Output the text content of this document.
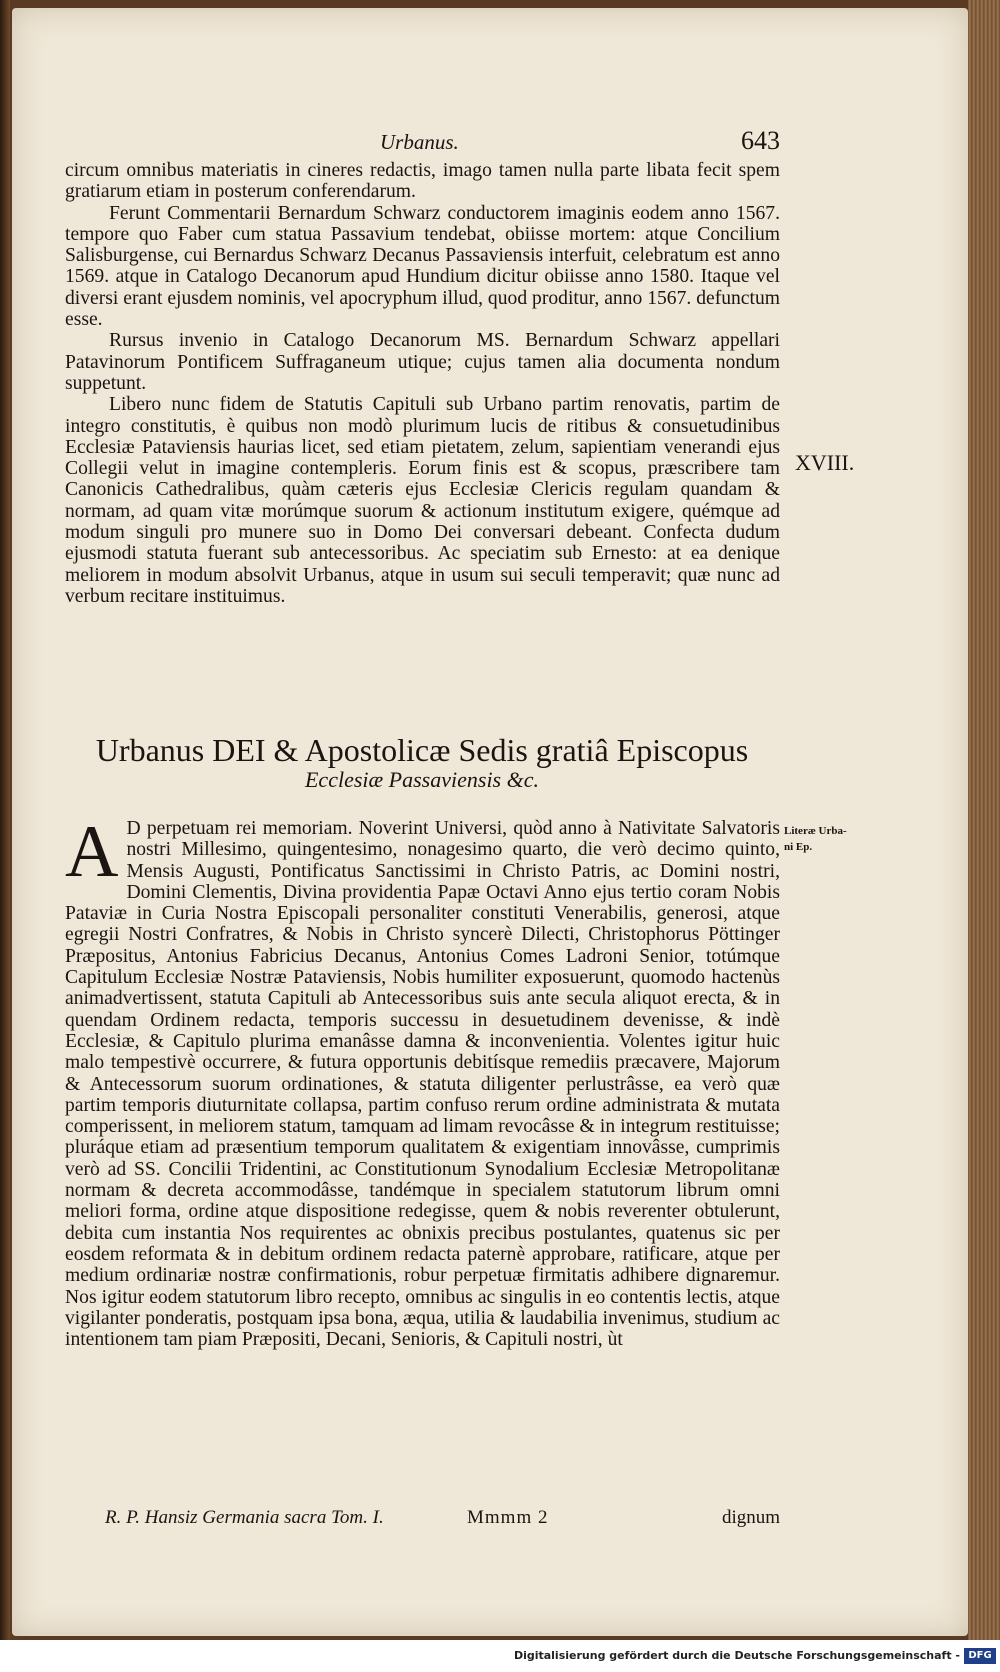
Urbanus.	643

circum omnibus materiatis in cineres redactis, imago tamen nulla parte libata fecit spem gratiarum etiam in posterum conferendarum.

Ferunt Commentarii Bernardum Schwarz conductorem imaginis eodem anno 1567. tempore quo Faber cum statua Passavium tendebat, obiisse mortem: atque Concilium Salisburgense, cui Bernardus Schwarz Decanus Passaviensis interfuit, celebratum est anno 1569. atque in Catalogo Decanorum apud Hundium dicitur obiisse anno 1580. Itaque vel diversi erant ejusdem nominis, vel apocryphum illud, quod proditur, anno 1567. defunctum esse.

Rursus invenio in Catalogo Decanorum MS. Bernardum Schwarz appellari Patavinorum Pontificem Suffraganeum utique; cujus tamen alia documenta nondum suppetunt.

Libero nunc fidem de Statutis Capituli sub Urbano partim renovatis, partim de integro constitutis, è quibus non modò plurimum lucis de ritibus & consuetudinibus Ecclesiæ Pataviensis haurias licet, sed etiam pietatem, zelum, sapientiam venerandi ejus Collegii velut in imagine contempleris. Eorum finis est & scopus, præscribere tam Canonicis Cathedralibus, quàm cæteris ejus Ecclesiæ Clericis regulam quandam & normam, ad quam vitæ morúmque suorum & actionum institutum exigere, quémque ad modum singuli pro munere suo in Domo Dei conversari debeant. Confecta dudum ejusmodi statuta fuerant sub antecessoribus. Ac speciatim sub Ernesto: at ea denique meliorem in modum absolvit Urbanus, atque in usum sui seculi temperavit; quæ nunc ad verbum recitare instituimus.

XVIII.
Urbanus DEI & Apostolicæ Sedis gratiâ Episcopus
Ecclesiæ Passaviensis &c.
Literæ Urba-
ni Ep.
A D perpetuam rei memoriam. Noverint Universi, quòd anno à Nativitate Salvatoris nostri Millesimo, quingentesimo, nonagesimo quarto, die verò decimo quinto, Mensis Augusti, Pontificatus Sanctissimi in Christo Patris, ac Domini nostri, Domini Clementis, Divina providentia Papæ Octavi Anno ejus tertio coram Nobis Pataviæ in Curia Nostra Episcopali personaliter constituti Venerabilis, generosi, atque egregii Nostri Confratres, & Nobis in Christo syncerè Dilecti, Christophorus Pöttinger Præpositus, Antonius Fabricius Decanus, Antonius Comes Ladroni Senior, totúmque Capitulum Ecclesiæ Nostræ Pataviensis, Nobis humiliter exposuerunt, quomodo hactenùs animadvertissent, statuta Capituli ab Antecessoribus suis ante secula aliquot erecta, & in quendam Ordinem redacta, temporis successu in desuetudinem devenisse, & indè Ecclesiæ, & Capitulo plurima emanâsse damna & inconvenientia. Volentes igitur huic malo tempestivè occurrere, & futura opportunis debitísque remediis præcavere, Majorum & Antecessorum suorum ordinationes, & statuta diligenter perlustrâsse, ea verò quæ partim temporis diuturnitate collapsa, partim confuso rerum ordine administrata & mutata comperissent, in meliorem statum, tamquam ad limam revocâsse & in integrum restituisse; pluráque etiam ad præsentium temporum qualitatem & exigentiam innovâsse, cumprimis verò ad SS. Concilii Tridentini, ac Constitutionum Synodalium Ecclesiæ Metropolitanæ normam & decreta accommodâsse, tandémque in specialem statutorum librum omni meliori forma, ordine atque dispositione redegisse, quem & nobis reverenter obtulerunt, debita cum instantia Nos requirentes ac obnixis precibus postulantes, quatenus sic per eosdem reformata & in debitum ordinem redacta paternè approbare, ratificare, atque per medium ordinariæ nostræ confirmationis, robur perpetuæ firmitatis adhibere dignaremur. Nos igitur eodem statutorum libro recepto, omnibus ac singulis in eo contentis lectis, atque vigilanter ponderatis, postquam ipsa bona, æqua, utilia & laudabilia invenimus, studium ac intentionem tam piam Præpositi, Decani, Senioris, & Capituli nostri, ùt
R. P. Hansiz Germania sacra Tom. I.	Mmmm 2	dignum
Digitalisierung gefördert durch die Deutsche Forschungsgemeinschaft - DFG
